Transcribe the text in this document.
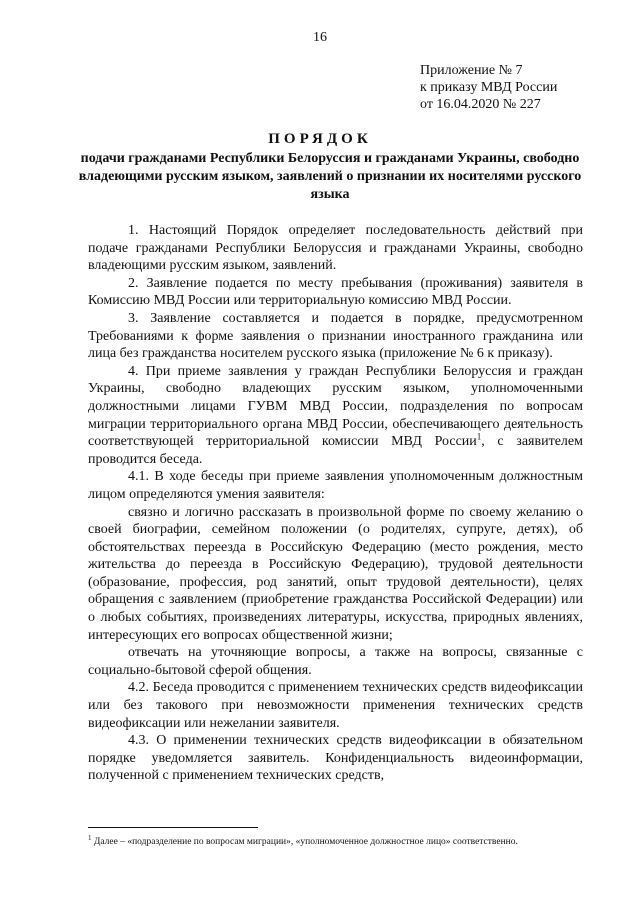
16
Приложение № 7
к приказу МВД России
от 16.04.2020 № 227
ПОРЯДОК
подачи гражданами Республики Белоруссия и гражданами Украины, свободно владеющими русским языком, заявлений о признании их носителями русского языка

1. Настоящий Порядок определяет последовательность действий при подаче гражданами Республики Белоруссия и гражданами Украины, свободно владеющими русским языком, заявлений.

2. Заявление подается по месту пребывания (проживания) заявителя в Комиссию МВД России или территориальную комиссию МВД России.

3. Заявление составляется и подается в порядке, предусмотренном Требованиями к форме заявления о признании иностранного гражданина или лица без гражданства носителем русского языка (приложение № 6 к приказу).

4. При приеме заявления у граждан Республики Белоруссия и граждан Украины, свободно владеющих русским языком, уполномоченными должностными лицами ГУВМ МВД России, подразделения по вопросам миграции территориального органа МВД России, обеспечивающего деятельность соответствующей территориальной комиссии МВД России$^1$, с заявителем проводится беседа.

4.1. В ходе беседы при приеме заявления уполномоченным должностным лицом определяются умения заявителя:

связно и логично рассказать в произвольной форме по своему желанию о своей биографии, семейном положении (о родителях, супруге, детях), об обстоятельствах переезда в Российскую Федерацию (место рождения, место жительства до переезда в Российскую Федерацию), трудовой деятельности (образование, профессия, род занятий, опыт трудовой деятельности), целях обращения с заявлением (приобретение гражданства Российской Федерации) или о любых событиях, произведениях литературы, искусства, природных явлениях, интересующих его вопросах общественной жизни;

отвечать на уточняющие вопросы, а также на вопросы, связанные с социально-бытовой сферой общения.

4.2. Беседа проводится с применением технических средств видеофиксации или без такового при невозможности применения технических средств видеофиксации или нежелании заявителя.

4.3. О применении технических средств видеофиксации в обязательном порядке уведомляется заявитель. Конфиденциальность видеоинформации, полученной с применением технических средств,

$^1$ Далее – «подразделение по вопросам миграции», «уполномоченное должностное лицо» соответственно.
